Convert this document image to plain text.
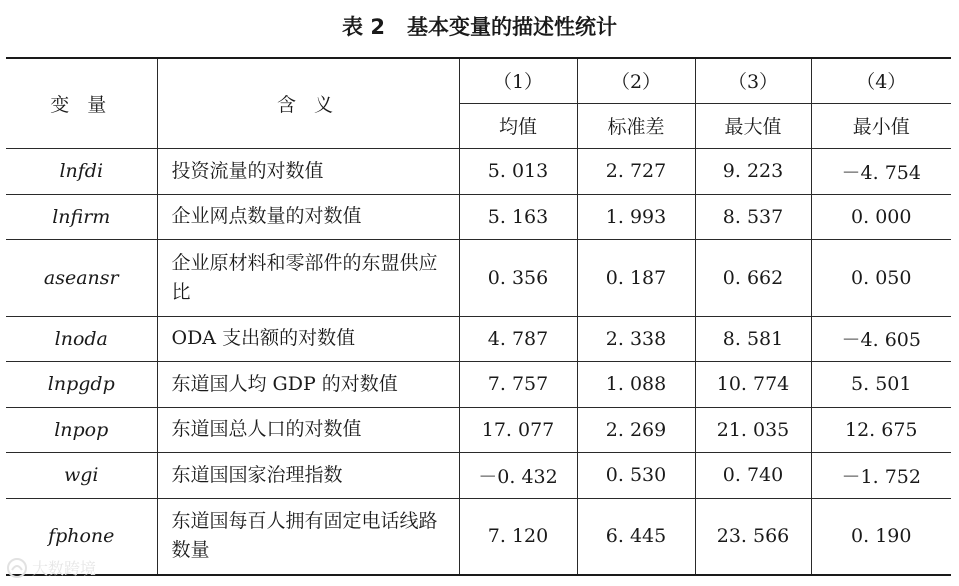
表 2 基本变量的描述性统计
变 量	含 义	（1）	（2）	（3）	（4）
		均值	标准差	最大值	最小值
lnfdi	投资流量的对数值	5. 013	2. 727	9. 223	－4. 754
lnfirm	企业网点数量的对数值	5. 163	1. 993	8. 537	0. 000
aseansr	企业原材料和零部件的东盟供应比	0. 356	0. 187	0. 662	0. 050
lnoda	ODA 支出额的对数值	4. 787	2. 338	8. 581	－4. 605
lnpgdp	东道国人均 GDP 的对数值	7. 757	1. 088	10. 774	5. 501
lnpop	东道国总人口的对数值	17. 077	2. 269	21. 035	12. 675
wgi	东道国国家治理指数	－0. 432	0. 530	0. 740	－1. 752
fphone	东道国每百人拥有固定电话线路数量	7. 120	6. 445	23. 566	0. 190
大数跨境
